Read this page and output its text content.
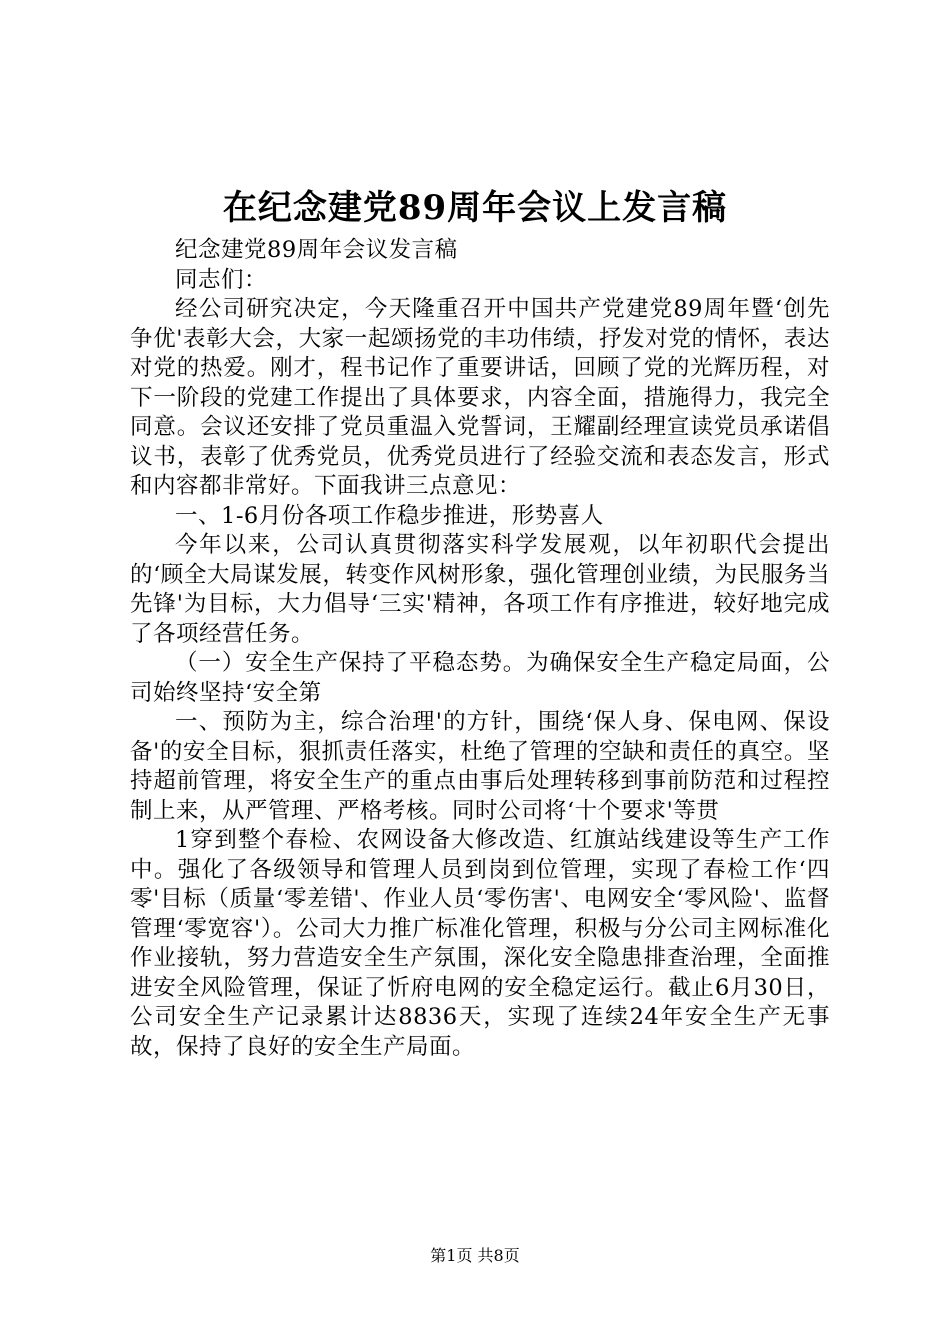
在纪念建党89周年会议上发言稿

纪念建党89周年会议发言稿

同志们：

经公司研究决定，今天隆重召开中国共产党建党89周年暨‘创先争优'表彰大会，大家一起颂扬党的丰功伟绩，抒发对党的情怀，表达对党的热爱。刚才，程书记作了重要讲话，回顾了党的光辉历程，对下一阶段的党建工作提出了具体要求，内容全面，措施得力，我完全同意。会议还安排了党员重温入党誓词，王耀副经理宣读党员承诺倡议书，表彰了优秀党员，优秀党员进行了经验交流和表态发言，形式和内容都非常好。下面我讲三点意见：

一、1-6月份各项工作稳步推进，形势喜人

今年以来，公司认真贯彻落实科学发展观，以年初职代会提出的‘顾全大局谋发展，转变作风树形象，强化管理创业绩，为民服务当先锋'为目标，大力倡导‘三实'精神，各项工作有序推进，较好地完成了各项经营任务。

（一）安全生产保持了平稳态势。为确保安全生产稳定局面，公司始终坚持‘安全第

一、预防为主，综合治理'的方针，围绕‘保人身、保电网、保设备'的安全目标，狠抓责任落实，杜绝了管理的空缺和责任的真空。坚持超前管理，将安全生产的重点由事后处理转移到事前防范和过程控制上来，从严管理、严格考核。同时公司将‘十个要求'等贯

1穿到整个春检、农网设备大修改造、红旗站线建设等生产工作中。强化了各级领导和管理人员到岗到位管理，实现了春检工作‘四零'目标（质量‘零差错'、作业人员‘零伤害'、电网安全‘零风险'、监督管理‘零宽容'）。公司大力推广标准化管理，积极与分公司主网标准化作业接轨，努力营造安全生产氛围，深化安全隐患排查治理，全面推进安全风险管理，保证了忻府电网的安全稳定运行。截止6月30日，公司安全生产记录累计达8836天，实现了连续24年安全生产无事故，保持了良好的安全生产局面。

第1页 共8页
